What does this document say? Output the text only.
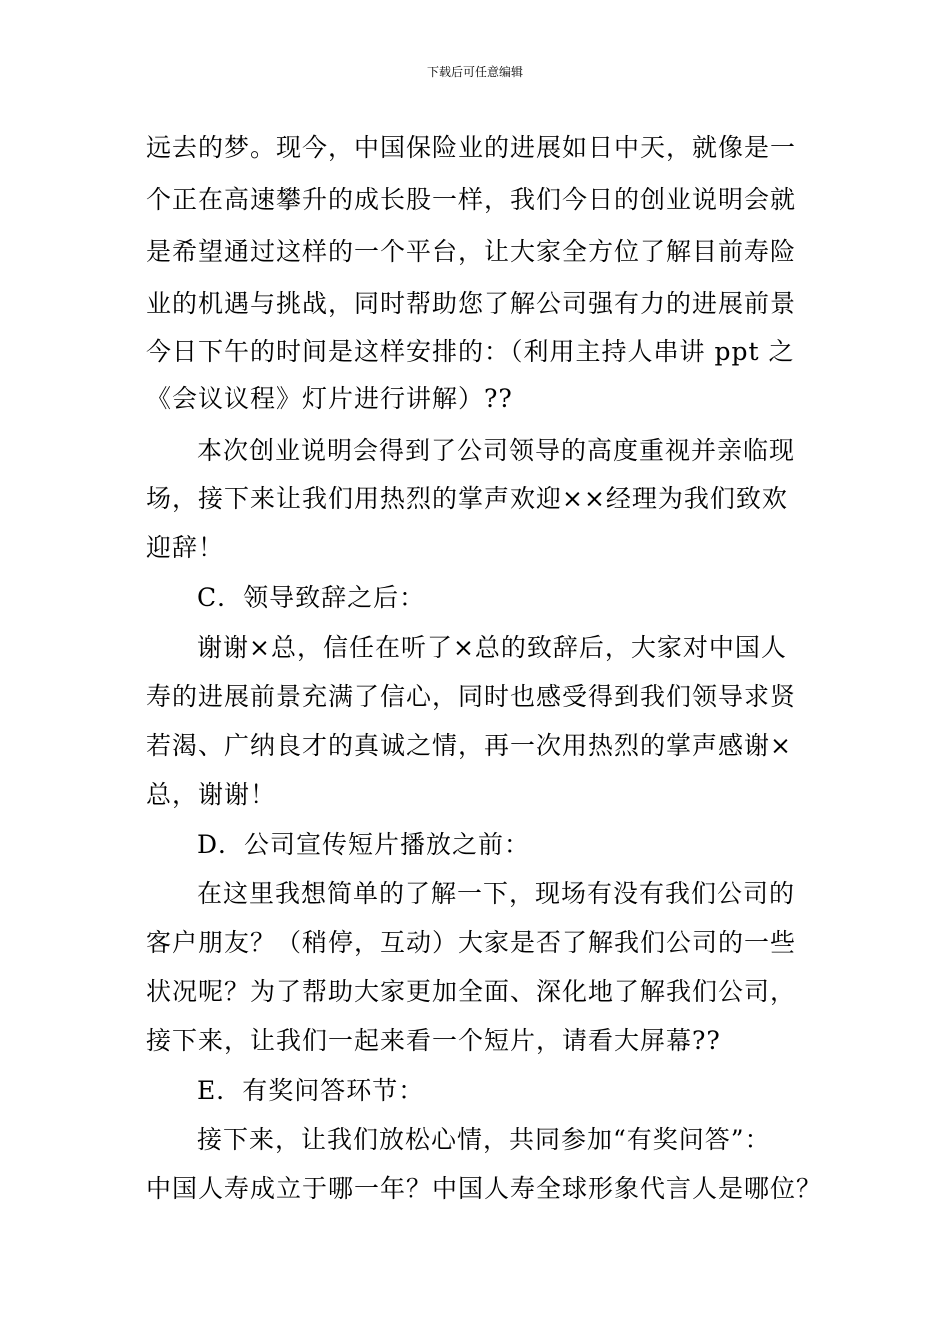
下载后可任意编辑
远去的梦。现今，中国保险业的进展如日中天，就像是一
个正在高速攀升的成长股一样，我们今日的创业说明会就
是希望通过这样的一个平台，让大家全方位了解目前寿险
业的机遇与挑战，同时帮助您了解公司强有力的进展前景
今日下午的时间是这样安排的：（利用主持人串讲 ppt 之
《会议议程》灯片进行讲解）??
本次创业说明会得到了公司领导的高度重视并亲临现
场，接下来让我们用热烈的掌声欢迎××经理为我们致欢
迎辞！
C．领导致辞之后：
谢谢×总，信任在听了×总的致辞后，大家对中国人
寿的进展前景充满了信心，同时也感受得到我们领导求贤
若渴、广纳良才的真诚之情，再一次用热烈的掌声感谢×
总，谢谢！
D．公司宣传短片播放之前：
在这里我想简单的了解一下，现场有没有我们公司的
客户朋友？（稍停，互动）大家是否了解我们公司的一些
状况呢？为了帮助大家更加全面、深化地了解我们公司，
接下来，让我们一起来看一个短片，请看大屏幕??
E．有奖问答环节：
接下来，让我们放松心情，共同参加“有奖问答”：
中国人寿成立于哪一年？中国人寿全球形象代言人是哪位？
